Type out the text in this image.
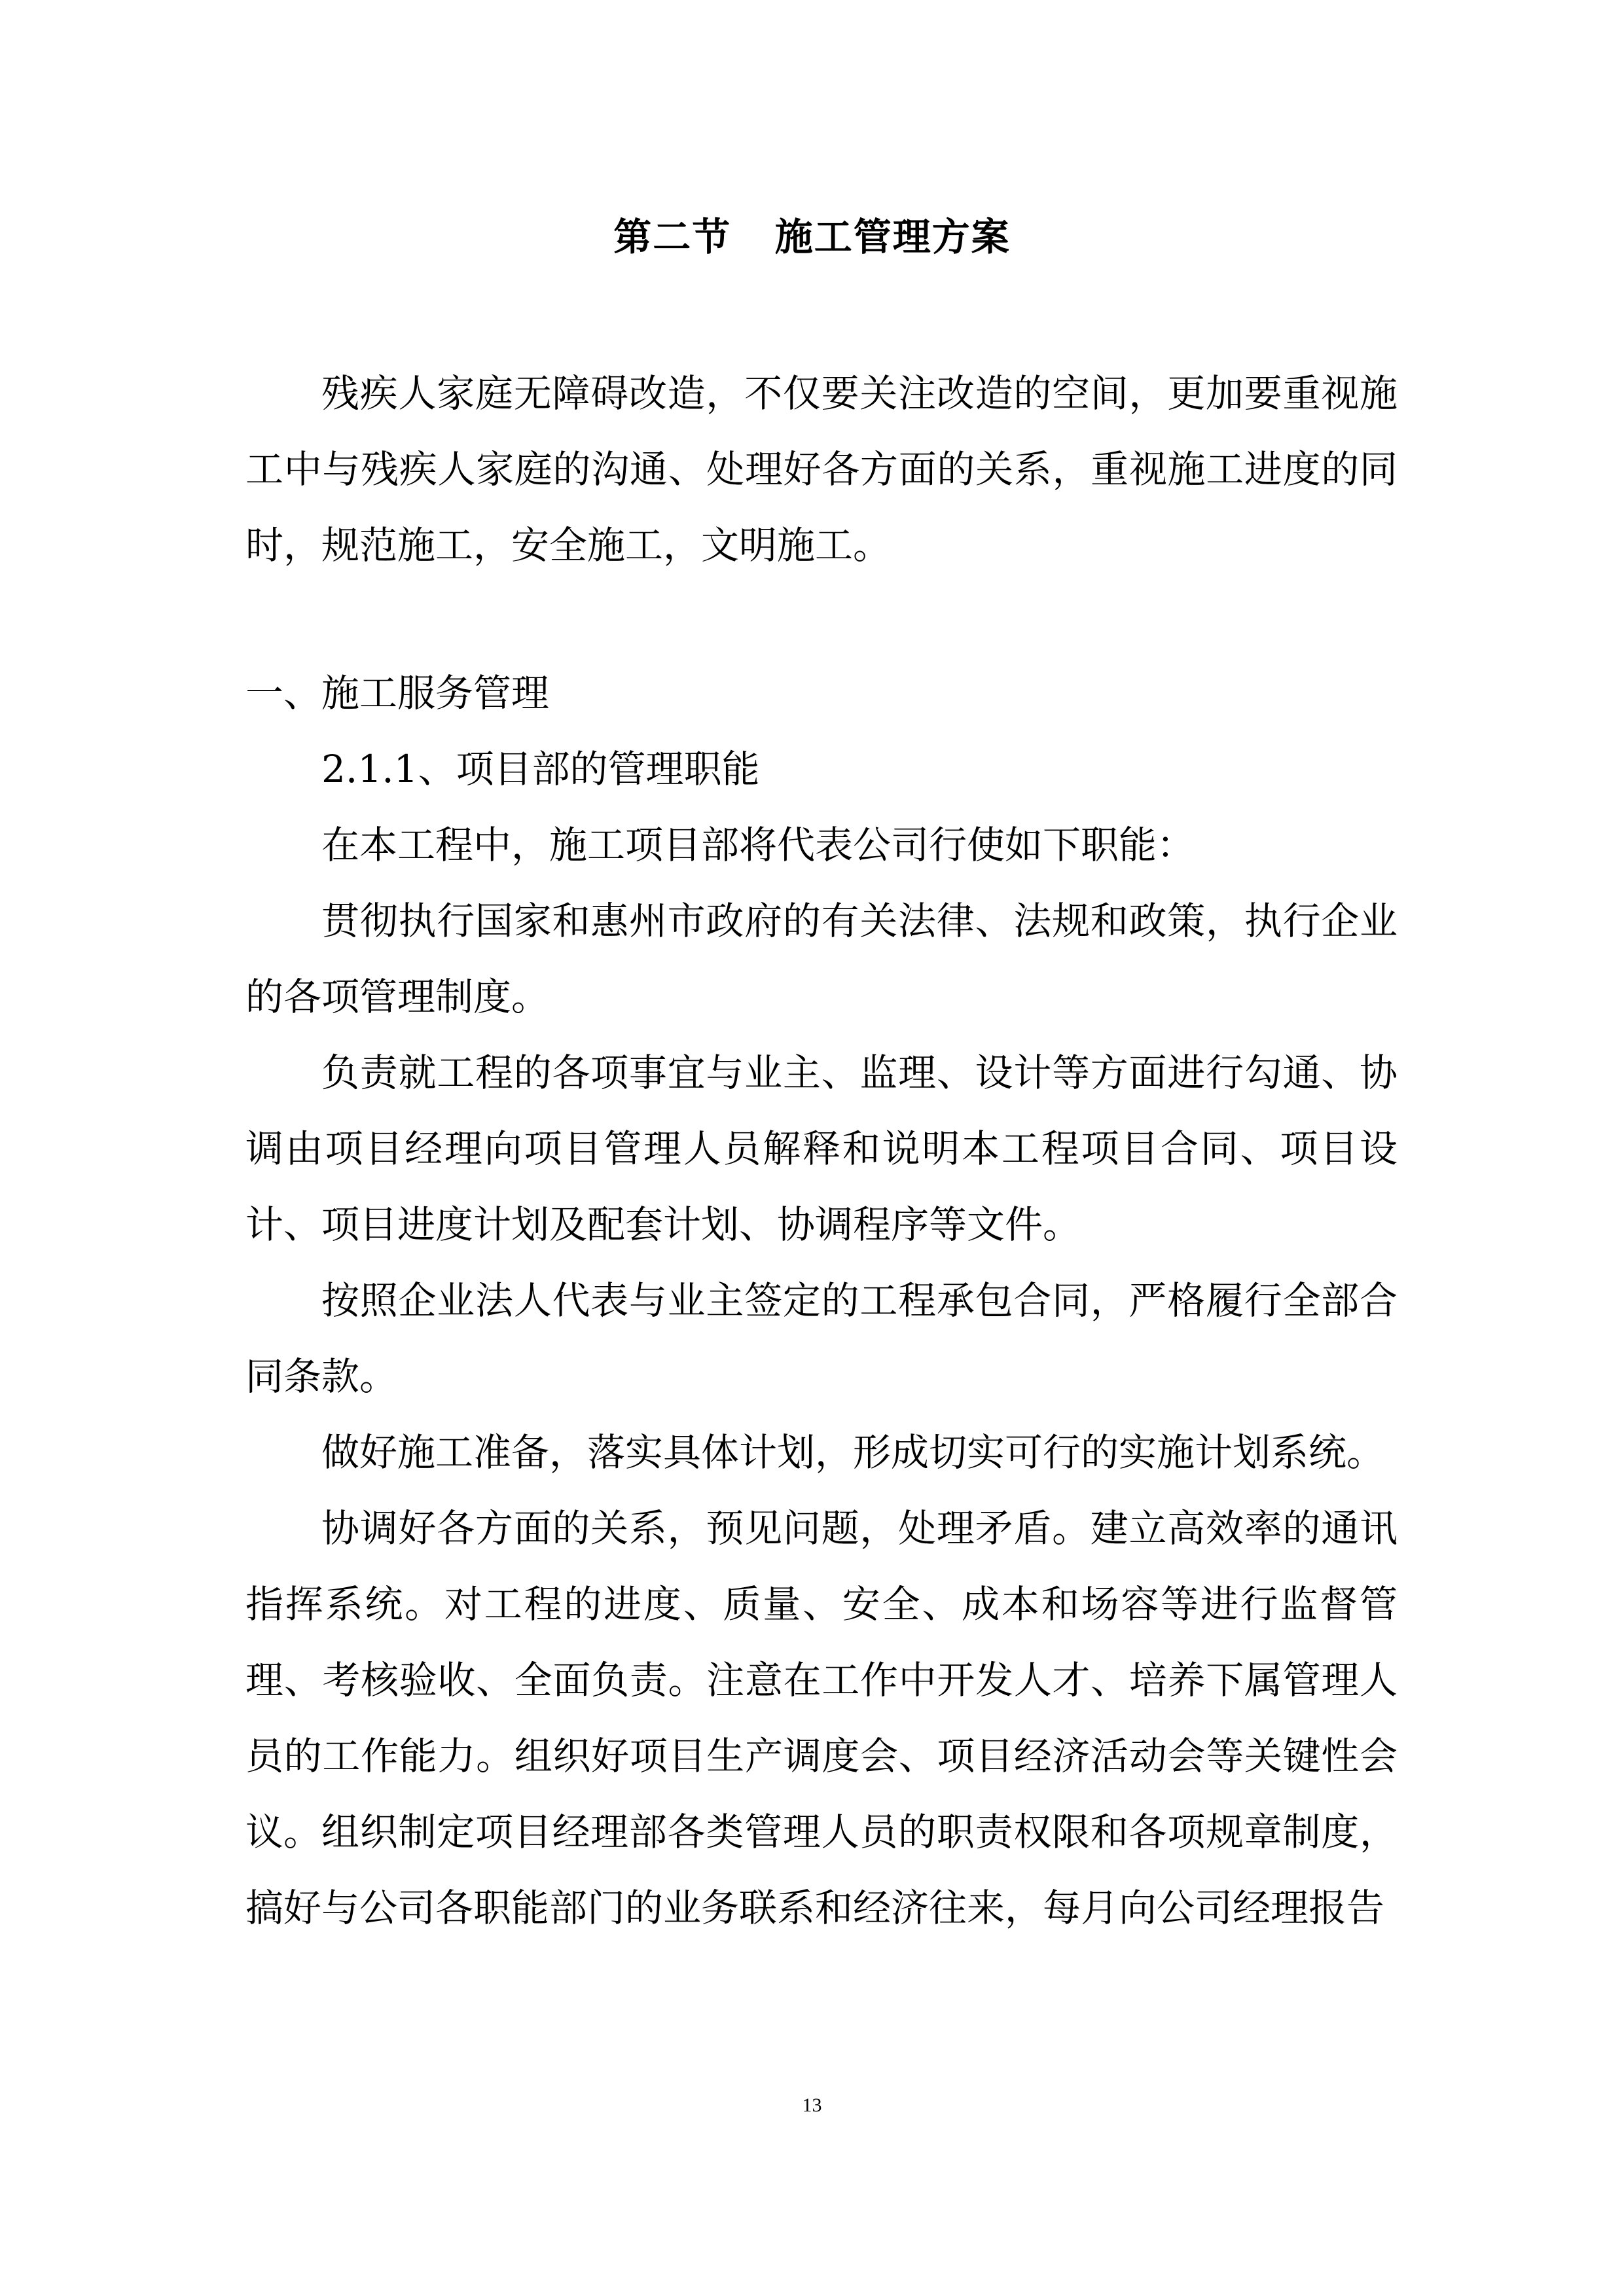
第二节   施工管理方案

残疾人家庭无障碍改造，不仅要关注改造的空间，更加要重视施工中与残疾人家庭的沟通、处理好各方面的关系，重视施工进度的同时，规范施工，安全施工，文明施工。

一、施工服务管理

2.1.1、项目部的管理职能

在本工程中，施工项目部将代表公司行使如下职能：

贯彻执行国家和惠州市政府的有关法律、法规和政策，执行企业的各项管理制度。

负责就工程的各项事宜与业主、监理、设计等方面进行勾通、协调由项目经理向项目管理人员解释和说明本工程项目合同、项目设计、项目进度计划及配套计划、协调程序等文件。

按照企业法人代表与业主签定的工程承包合同，严格履行全部合同条款。

做好施工准备，落实具体计划，形成切实可行的实施计划系统。

协调好各方面的关系，预见问题，处理矛盾。建立高效率的通讯指挥系统。对工程的进度、质量、安全、成本和场容等进行监督管理、考核验收、全面负责。注意在工作中开发人才、培养下属管理人员的工作能力。组织好项目生产调度会、项目经济活动会等关键性会议。 组织制定项目经理部各类管理人员的职责权限和各项规章制度，搞好与公司各职能部门的业务联系和经济往来，每月向公司经理报告

13
